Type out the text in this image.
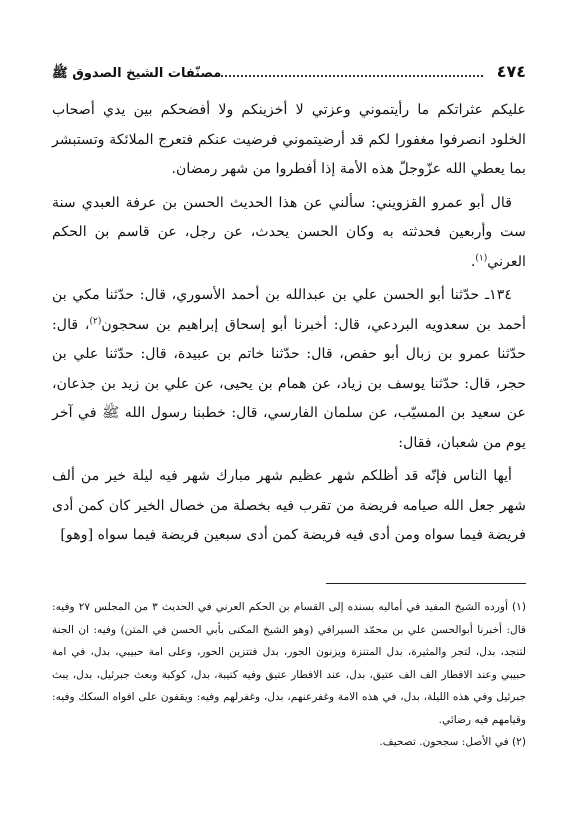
٤٧٤
مصنّفات الشيخ الصدوق ﷺ

عليكم عثراتكم ما رأيتموني وعزتي لا أخزينكم ولا أفضحكم بين يدي أصحاب الخلود انصرفوا مغفورا لكم قد أرضيتموني فرضيت عنكم فتعرج الملائكة وتستبشر بما يعطي الله عزّوجلّ هذه الأمة إذا أفطروا من شهر رمضان.

قال أبو عمرو القزويني: سألني عن هذا الحديث الحسن بن عرفة العبدي سنة ست وأربعين فحدثته به وكان الحسن يحدث، عن رجل، عن قاسم بن الحكم العرني$^{(١)}$.

١٣٤ـ حدّثنا أبو الحسن علي بن عبدالله بن أحمد الأسوري، قال: حدّثنا مكي بن أحمد بن سعدويه البردعي، قال: أخبرنا أبو إسحاق إبراهيم بن سحجون$^{(٢)}$، قال: حدّثنا عمرو بن زبال أبو حفص، قال: حدّثنا خاتم بن عبيدة، قال: حدّثنا علي بن حجر، قال: حدّثنا يوسف بن زياد، عن همام بن يحيى، عن علي بن زيد بن جذعان، عن سعيد بن المسيّب، عن سلمان الفارسي، قال: خطبنا رسول الله ﷺ في آخر يوم من شعبان، فقال:

أيها الناس فإنّه قد أظلكم شهر عظيم شهر مبارك شهر فيه ليلة خير من ألف شهر جعل الله صيامه فريضة من تقرب فيه بخصلة من خصال الخير كان كمن أدى فريضة فيما سواه ومن أدى فيه فريضة كمن أدى سبعين فريضة فيما سواه [وهو]

(١) أورده الشيخ المفيد في أماليه بسنده إلى القسام بن الحكم العرني في الحديث ٣ من المجلس ٢٧ وفيه: قال: أخبرنا أبوالحسن علي بن محمّد السيرافي (وهو الشيخ المكنى بأبي الحسن في المتن) وفيه: ان الجنة لتنجد، بدل، لتجر والمثيرة، بدل المتنزة ويزنون الجور، بدل فتتزين الحور، وعلى امة حبيبي، بدل، في امة حبيبي وعند الافطار الف الف عتيق، بدل، عند الافطار عتيق وفيه كتيبة، بدل، كوكبة وبعث جبرئيل، بدل، يبث جبرئيل وفي هذه الليلة، بدل، في هذه الامة وغفرعنهم، بدل، وغفرلهم وفيه: ويقفون على افواه السكك وفيه: وقيامهم فيه رضائي.

(٢) في الأصل: سجحون. تصحيف.
